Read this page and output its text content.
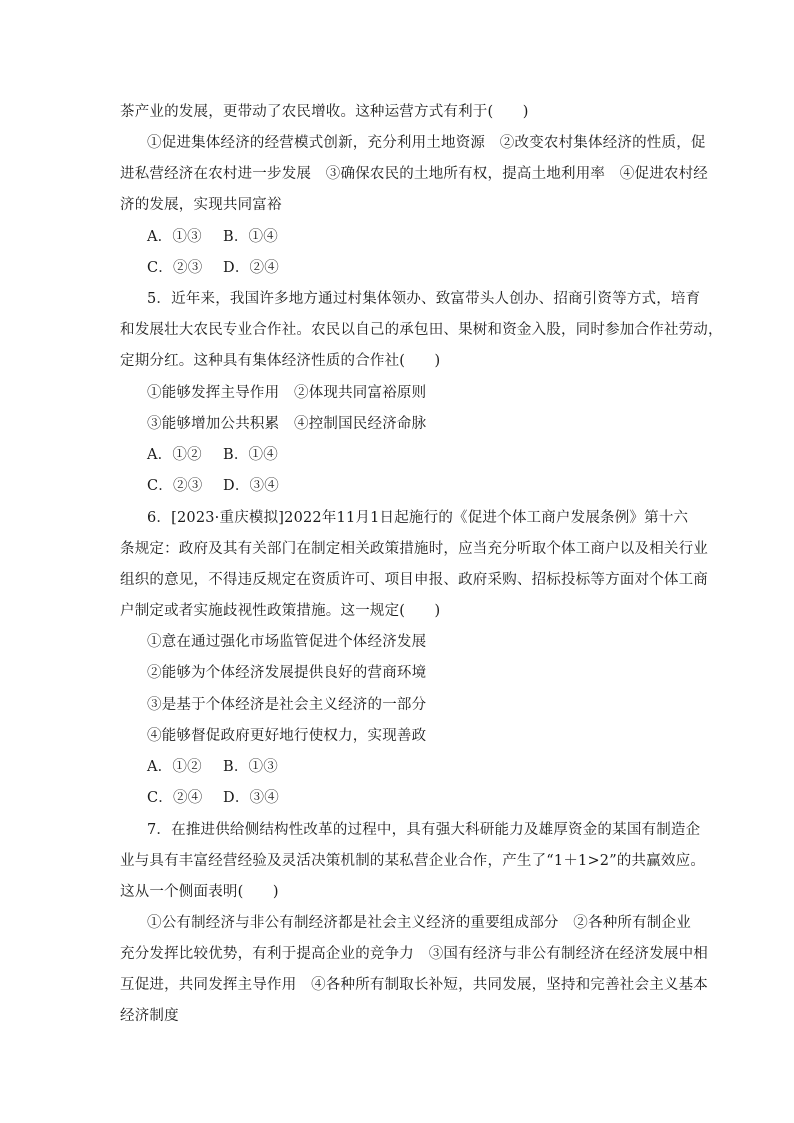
茶产业的发展，更带动了农民增收。这种运营方式有利于(　　)
①促进集体经济的经营模式创新，充分利用土地资源　②改变农村集体经济的性质，促
进私营经济在农村进一步发展　③确保农民的土地所有权，提高土地利用率　④促进农村经
济的发展，实现共同富裕
A．①③ B．①④
C．②③ D．②④
5．近年来，我国许多地方通过村集体领办、致富带头人创办、招商引资等方式，培育
和发展壮大农民专业合作社。农民以自己的承包田、果树和资金入股，同时参加合作社劳动，
定期分红。这种具有集体经济性质的合作社(　　)
①能够发挥主导作用　②体现共同富裕原则
③能够增加公共积累　④控制国民经济命脉
A．①② B．①④
C．②③ D．③④
6．[2023·重庆模拟]2022年11月1日起施行的《促进个体工商户发展条例》第十六
条规定：政府及其有关部门在制定相关政策措施时，应当充分听取个体工商户以及相关行业
组织的意见，不得违反规定在资质许可、项目申报、政府采购、招标投标等方面对个体工商
户制定或者实施歧视性政策措施。这一规定(　　)
①意在通过强化市场监管促进个体经济发展
②能够为个体经济发展提供良好的营商环境
③是基于个体经济是社会主义经济的一部分
④能够督促政府更好地行使权力，实现善政
A．①② B．①③
C．②④ D．③④
7．在推进供给侧结构性改革的过程中，具有强大科研能力及雄厚资金的某国有制造企
业与具有丰富经营经验及灵活决策机制的某私营企业合作，产生了“1＋1>2”的共赢效应。
这从一个侧面表明(　　)
①公有制经济与非公有制经济都是社会主义经济的重要组成部分　②各种所有制企业
充分发挥比较优势，有利于提高企业的竞争力　③国有经济与非公有制经济在经济发展中相
互促进，共同发挥主导作用　④各种所有制取长补短，共同发展，坚持和完善社会主义基本
经济制度
